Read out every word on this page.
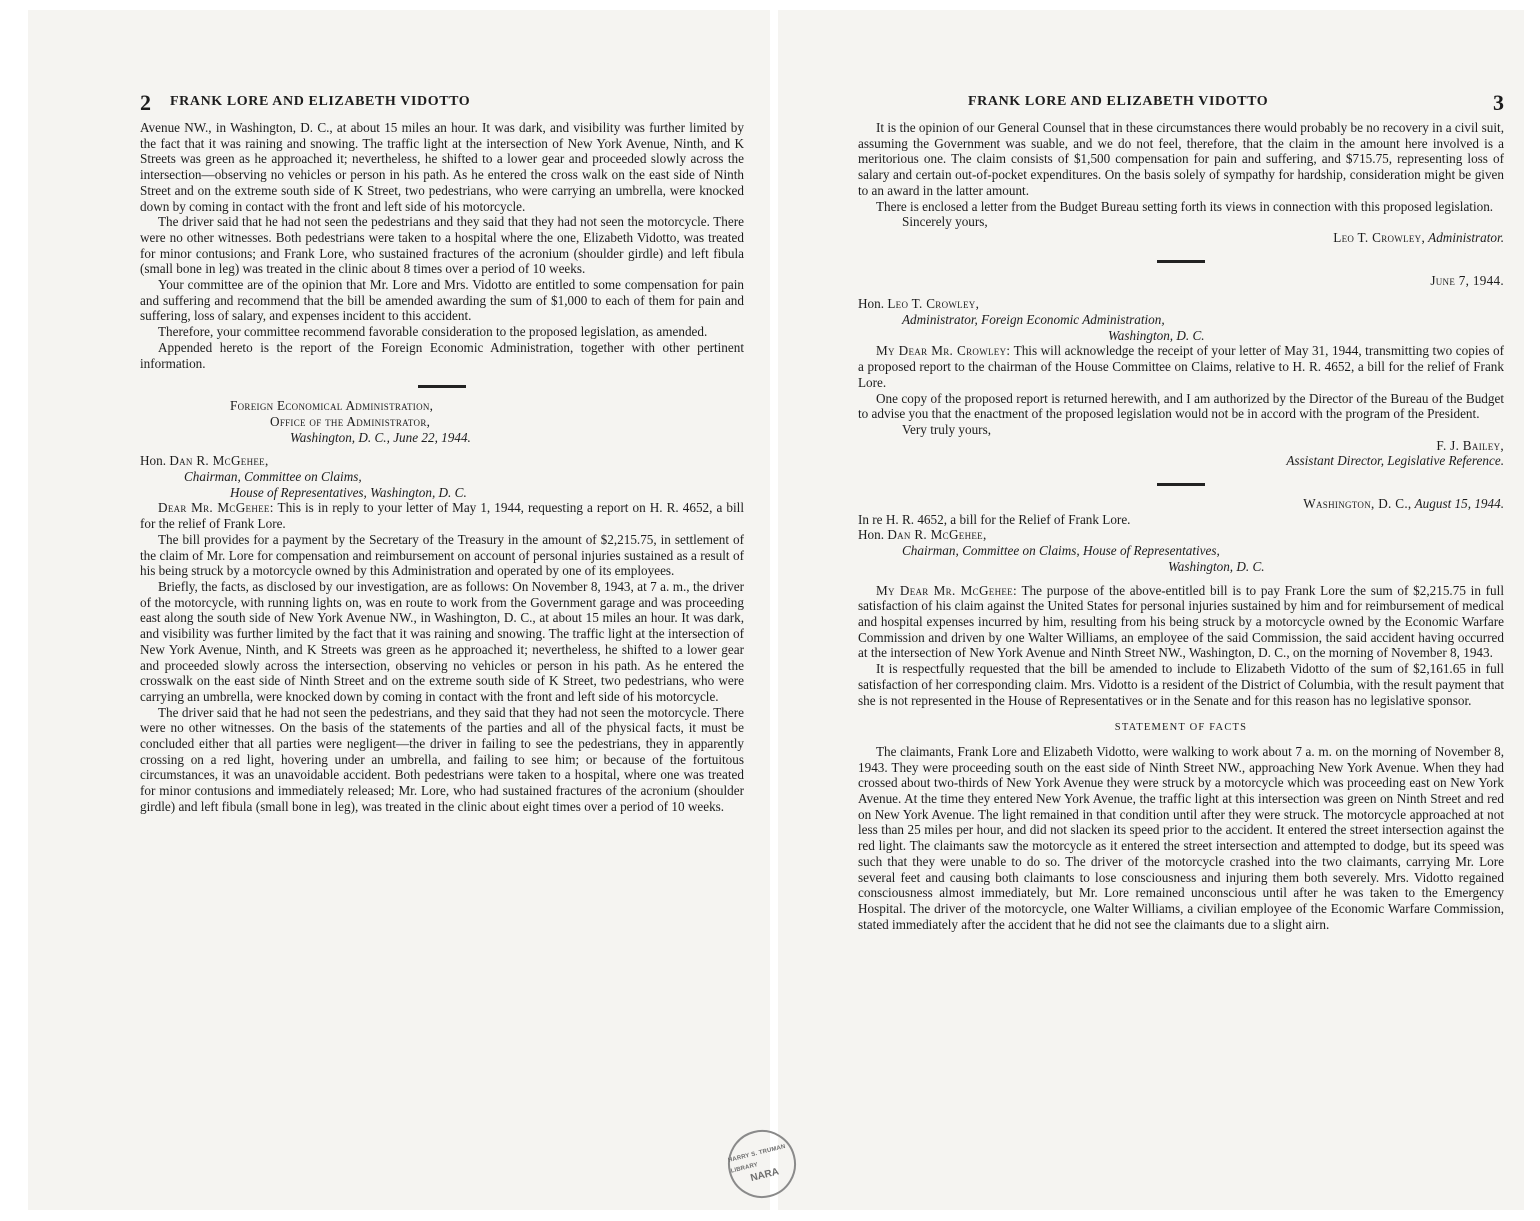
2 FRANK LORE AND ELIZABETH VIDOTTO

Avenue NW., in Washington, D. C., at about 15 miles an hour. It was dark, and visibility was further limited by the fact that it was raining and snowing. The traffic light at the intersection of New York Avenue, Ninth, and K Streets was green as he approached it; nevertheless, he shifted to a lower gear and proceeded slowly across the intersection—observing no vehicles or person in his path. As he entered the cross walk on the east side of Ninth Street and on the extreme south side of K Street, two pedestrians, who were carrying an umbrella, were knocked down by coming in contact with the front and left side of his motorcycle.

The driver said that he had not seen the pedestrians and they said that they had not seen the motorcycle. There were no other witnesses. Both pedestrians were taken to a hospital where the one, Elizabeth Vidotto, was treated for minor contusions; and Frank Lore, who sustained fractures of the acronium (shoulder girdle) and left fibula (small bone in leg) was treated in the clinic about 8 times over a period of 10 weeks.

Your committee are of the opinion that Mr. Lore and Mrs. Vidotto are entitled to some compensation for pain and suffering and recommend that the bill be amended awarding the sum of $1,000 to each of them for pain and suffering, loss of salary, and expenses incident to this accident.

Therefore, your committee recommend favorable consideration to the proposed legislation, as amended.

Appended hereto is the report of the Foreign Economic Administration, together with other pertinent information.

Foreign Economical Administration,

Office of the Administrator,

Washington, D. C., June 22, 1944.

Hon. Dan R. McGehee,

Chairman, Committee on Claims,

House of Representatives, Washington, D. C.

Dear Mr. McGehee: This is in reply to your letter of May 1, 1944, requesting a report on H. R. 4652, a bill for the relief of Frank Lore.

The bill provides for a payment by the Secretary of the Treasury in the amount of $2,215.75, in settlement of the claim of Mr. Lore for compensation and reimbursement on account of personal injuries sustained as a result of his being struck by a motorcycle owned by this Administration and operated by one of its employees.

Briefly, the facts, as disclosed by our investigation, are as follows: On November 8, 1943, at 7 a. m., the driver of the motorcycle, with running lights on, was en route to work from the Government garage and was proceeding east along the south side of New York Avenue NW., in Washington, D. C., at about 15 miles an hour. It was dark, and visibility was further limited by the fact that it was raining and snowing. The traffic light at the intersection of New York Avenue, Ninth, and K Streets was green as he approached it; nevertheless, he shifted to a lower gear and proceeded slowly across the intersection, observing no vehicles or person in his path. As he entered the crosswalk on the east side of Ninth Street and on the extreme south side of K Street, two pedestrians, who were carrying an umbrella, were knocked down by coming in contact with the front and left side of his motorcycle.

The driver said that he had not seen the pedestrians, and they said that they had not seen the motorcycle. There were no other witnesses. On the basis of the statements of the parties and all of the physical facts, it must be concluded either that all parties were negligent—the driver in failing to see the pedestrians, they in apparently crossing on a red light, hovering under an umbrella, and failing to see him; or because of the fortuitous circumstances, it was an unavoidable accident. Both pedestrians were taken to a hospital, where one was treated for minor contusions and immediately released; Mr. Lore, who had sustained fractures of the acronium (shoulder girdle) and left fibula (small bone in leg), was treated in the clinic about eight times over a period of 10 weeks.

FRANK LORE AND ELIZABETH VIDOTTO	3

It is the opinion of our General Counsel that in these circumstances there would probably be no recovery in a civil suit, assuming the Government was suable, and we do not feel, therefore, that the claim in the amount here involved is a meritorious one. The claim consists of $1,500 compensation for pain and suffering, and $715.75, representing loss of salary and certain out-of-pocket expenditures. On the basis solely of sympathy for hardship, consideration might be given to an award in the latter amount.

There is enclosed a letter from the Budget Bureau setting forth its views in connection with this proposed legislation.

Sincerely yours,

Leo T. Crowley, Administrator.

June 7, 1944.

Hon. Leo T. Crowley,

Administrator, Foreign Economic Administration,

Washington, D. C.

My Dear Mr. Crowley: This will acknowledge the receipt of your letter of May 31, 1944, transmitting two copies of a proposed report to the chairman of the House Committee on Claims, relative to H. R. 4652, a bill for the relief of Frank Lore.

One copy of the proposed report is returned herewith, and I am authorized by the Director of the Bureau of the Budget to advise you that the enactment of the proposed legislation would not be in accord with the program of the President.

Very truly yours,

F. J. Bailey,

Assistant Director, Legislative Reference.

Washington, D. C., August 15, 1944.

In re H. R. 4652, a bill for the Relief of Frank Lore.

Hon. Dan R. McGehee,

Chairman, Committee on Claims, House of Representatives,

Washington, D. C.

My Dear Mr. McGehee: The purpose of the above-entitled bill is to pay Frank Lore the sum of $2,215.75 in full satisfaction of his claim against the United States for personal injuries sustained by him and for reimbursement of medical and hospital expenses incurred by him, resulting from his being struck by a motorcycle owned by the Economic Warfare Commission and driven by one Walter Williams, an employee of the said Commission, the said accident having occurred at the intersection of New York Avenue and Ninth Street NW., Washington, D. C., on the morning of November 8, 1943.

It is respectfully requested that the bill be amended to include to Elizabeth Vidotto of the sum of $2,161.65 in full satisfaction of her corresponding claim. Mrs. Vidotto is a resident of the District of Columbia, with the result payment that she is not represented in the House of Representatives or in the Senate and for this reason has no legislative sponsor.

STATEMENT OF FACTS

The claimants, Frank Lore and Elizabeth Vidotto, were walking to work about 7 a. m. on the morning of November 8, 1943. They were proceeding south on the east side of Ninth Street NW., approaching New York Avenue. When they had crossed about two-thirds of New York Avenue they were struck by a motorcycle which was proceeding east on New York Avenue. At the time they entered New York Avenue, the traffic light at this intersection was green on Ninth Street and red on New York Avenue. The light remained in that condition until after they were struck. The motorcycle approached at not less than 25 miles per hour, and did not slacken its speed prior to the accident. It entered the street intersection against the red light. The claimants saw the motorcycle as it entered the street intersection and attempted to dodge, but its speed was such that they were unable to do so. The driver of the motorcycle crashed into the two claimants, carrying Mr. Lore several feet and causing both claimants to lose consciousness and injuring them both severely. Mrs. Vidotto regained consciousness almost immediately, but Mr. Lore remained unconscious until after he was taken to the Emergency Hospital. The driver of the motorcycle, one Walter Williams, a civilian employee of the Economic Warfare Commission, stated immediately after the accident that he did not see the claimants due to a slight airn.

HARRY S. TRUMAN LIBRARY
NARA
